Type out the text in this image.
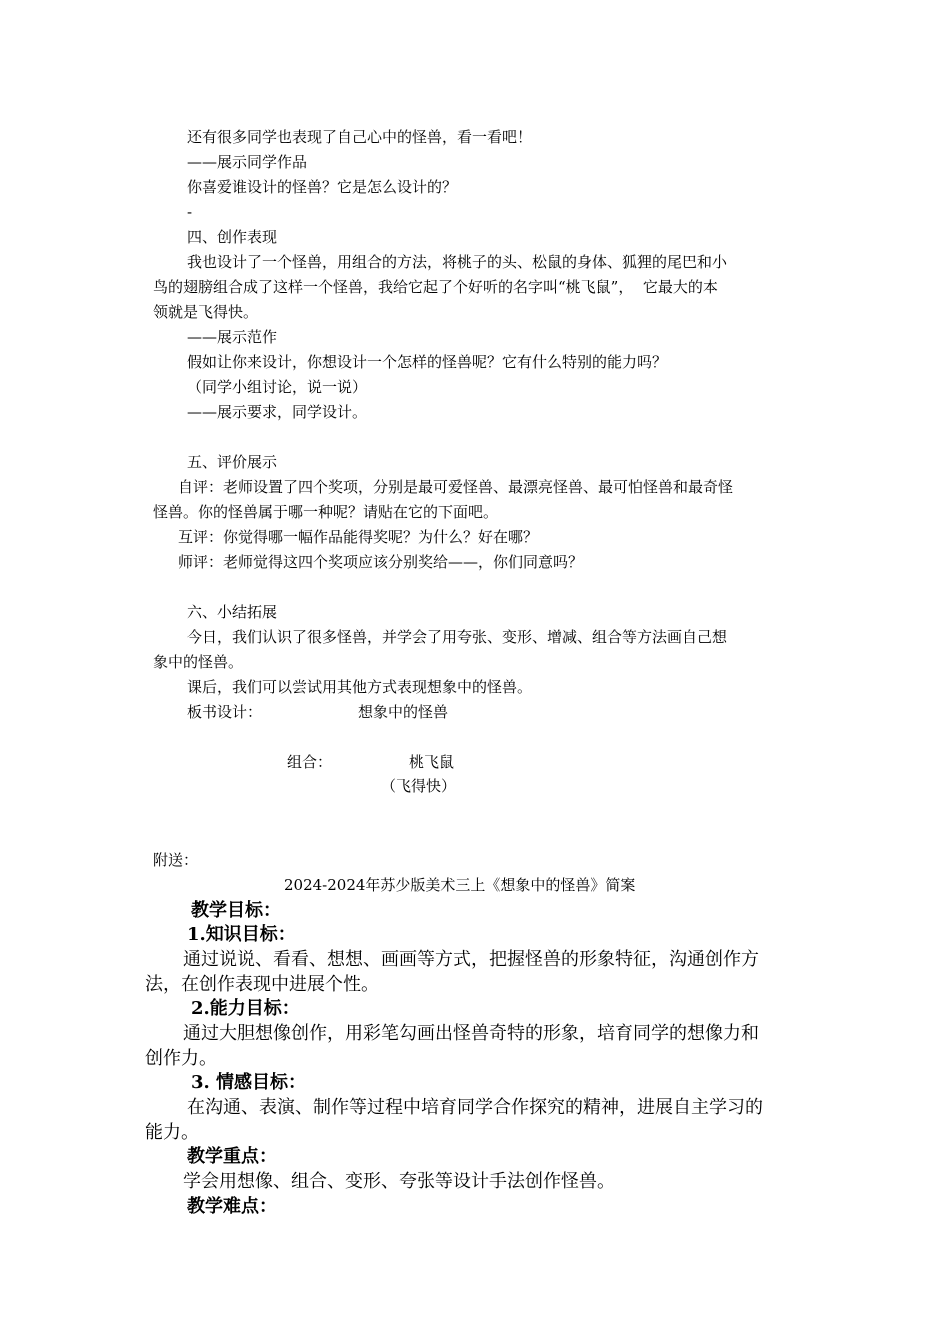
还有很多同学也表现了自己心中的怪兽，看一看吧！
——展示同学作品
你喜爱谁设计的怪兽？它是怎么设计的？
-
四、创作表现
我也设计了一个怪兽，用组合的方法，将桃子的头、松鼠的身体、狐狸的尾巴和小
鸟的翅膀组合成了这样一个怪兽，我给它起了个好听的名字叫“桃飞鼠”，  它最大的本
领就是飞得快。
——展示范作
假如让你来设计，你想设计一个怎样的怪兽呢？它有什么特别的能力吗？
（同学小组讨论，说一说）
——展示要求，同学设计。
五、评价展示
自评：老师设置了四个奖项，分别是最可爱怪兽、最漂亮怪兽、最可怕怪兽和最奇怪
怪兽。你的怪兽属于哪一种呢？请贴在它的下面吧。
互评：你觉得哪一幅作品能得奖呢？为什么？好在哪？
师评：老师觉得这四个奖项应该分别奖给——，你们同意吗？
六、小结拓展
今日，我们认识了很多怪兽，并学会了用夸张、变形、增减、组合等方法画自己想
象中的怪兽。
课后，我们可以尝试用其他方式表现想象中的怪兽。
板书设计：	想象中的怪兽
组合：	桃飞鼠
（飞得快）
附送：
2024-2024年苏少版美术三上《想象中的怪兽》简案
教学目标：
1.知识目标：
通过说说、看看、想想、画画等方式，把握怪兽的形象特征，沟通创作方
法，在创作表现中进展个性。
2.能力目标：
通过大胆想像创作，用彩笔勾画出怪兽奇特的形象，培育同学的想像力和
创作力。
3. 情感目标：
在沟通、表演、制作等过程中培育同学合作探究的精神，进展自主学习的
能力。
教学重点：
学会用想像、组合、变形、夸张等设计手法创作怪兽。
教学难点：
